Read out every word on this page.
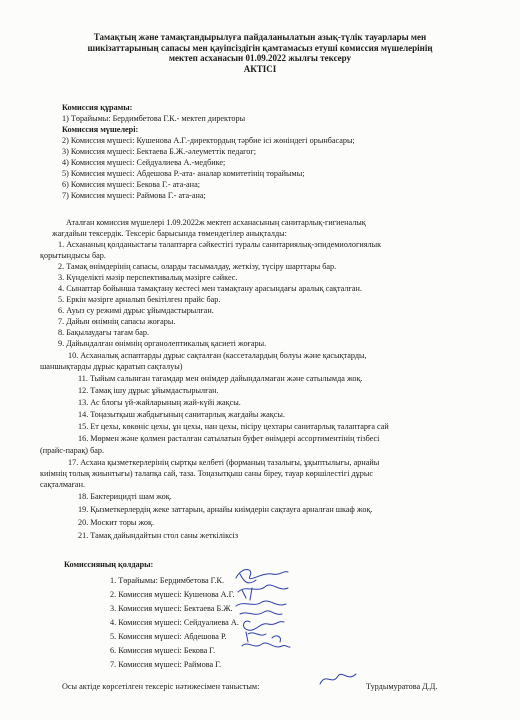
Тамақтың және тамақтандырылуға пайдаланылатын азық-түлік тауарлары мен
шикізаттарының сапасы мен қауіпсіздігін қамтамасыз етуші комиссия мүшелерінің
мектеп асханасын 01.09.2022 жылғы тексеру
АКТІСІ
Комиссия құрамы:
1) Төрайымы: Бердимбетова Г.К.- мектеп директоры
Комиссия мүшелері:
2) Комиссия мүшесі: Кушенова А.Г.-директордың тәрбие ісі жөніндегі орынбасары;
3) Комиссия мүшесі: Бектаева Б.Ж.-әлеуметтік педагог;
4) Комиссия мүшесі: Сейдуалиева А.-медбике;
5) Комиссия мүшесі: Абдешова Р.-ата- аналар комитетінің төрайымы;
6) Комиссия мүшесі: Бекова Г.- ата-ана;
7) Комиссия мүшесі: Раймова Г.- ата-ана;
Аталған комиссия мүшелері 1.09.2022ж мектеп асханасының санитарлық-гигиеналық
жағдайын тексердік. Тексеріс барысында төмендегілер анықталды:
1. Асхананың қолданыстағы талаптарға сәйкестігі туралы санитариялық-эпидемиологиялык
қорытындысы бар.
2. Тамақ өнімдерінің сапасы, оларды тасымалдау, жеткізу, түсіру шарттары бар.
3. Күнделікті мәзір перспективалық мәзірге сәйкес.
4. Сынаптар бойынша тамақтану кестесі мен тамақтану арасындағы аралық сақталған.
5. Еркін мәзірге арналып бекітілген прайс бар.
6. Ауыз су режимі дұрыс ұйымдастырылған.
7. Дайын өнімнің сапасы жоғары.
8. Бақылаудағы тағам бар.
9. Дайындалған өнімнің органолептикалық қасиеті жоғары.
10. Асханалық аспаптарды дұрыс сақталған (кассеталардың болуы және қасықтарды,
шаншықтарды дұрыс қаратып сақталуы)
11. Тыйым салынған тағамдар мен өнімдер дайындалмаған және сатылымда жоқ.
12. Тамақ ішу дұрыс ұйымдастырылған.
13. Ас блогы үй-жайларының жай-күйі жақсы.
14. Тоңазытқыш жабдығының санитарлық жағдайы жақсы.
15. Ет цехы, көкөніс цехы, ұн цехы, нан цехы, пісіру цехтары санитарлық талаптарға сай
16. Мөрмен және қолмен расталған сатылатын буфет өнімдері ассортиментінің тізбесі
(прайс-парақ) бар.
17. Асхана қызметкерлерінің сыртқы келбеті (форманың тазалығы, ұқыптылығы, арнайы
киімнің толық жиынтығы) талапқа сай, таза. Тоңазытқыш саны біреу, тауар көршілестігі дұрыс
сақталмаған.
18. Бактерицидті шам жоқ.
19. Қызметкерлердің жеке заттарын, арнайы киімдерін сақтауға арналған шкаф жоқ.
20. Москит торы жоқ.
21. Тамақ дайындайтын стол саны жеткіліксіз
Комиссияның қолдары:
1. Төрайымы: Бердимбетова Г.К.
2. Комиссия мүшесі: Кушенова А.Г.
3. Комиссия мүшесі: Бектаева Б.Ж.
4. Комиссия мүшесі: Сейдуалиева А.
5. Комиссия мүшесі: Абдешова Р.
6. Комиссия мүшесі: Бекова Г.
7. Комиссия мүшесі: Раймова Г.
Осы актіде көрсетілген тексеріс нәтижесімен таныстым:	Турдымуратова Д.Д.
